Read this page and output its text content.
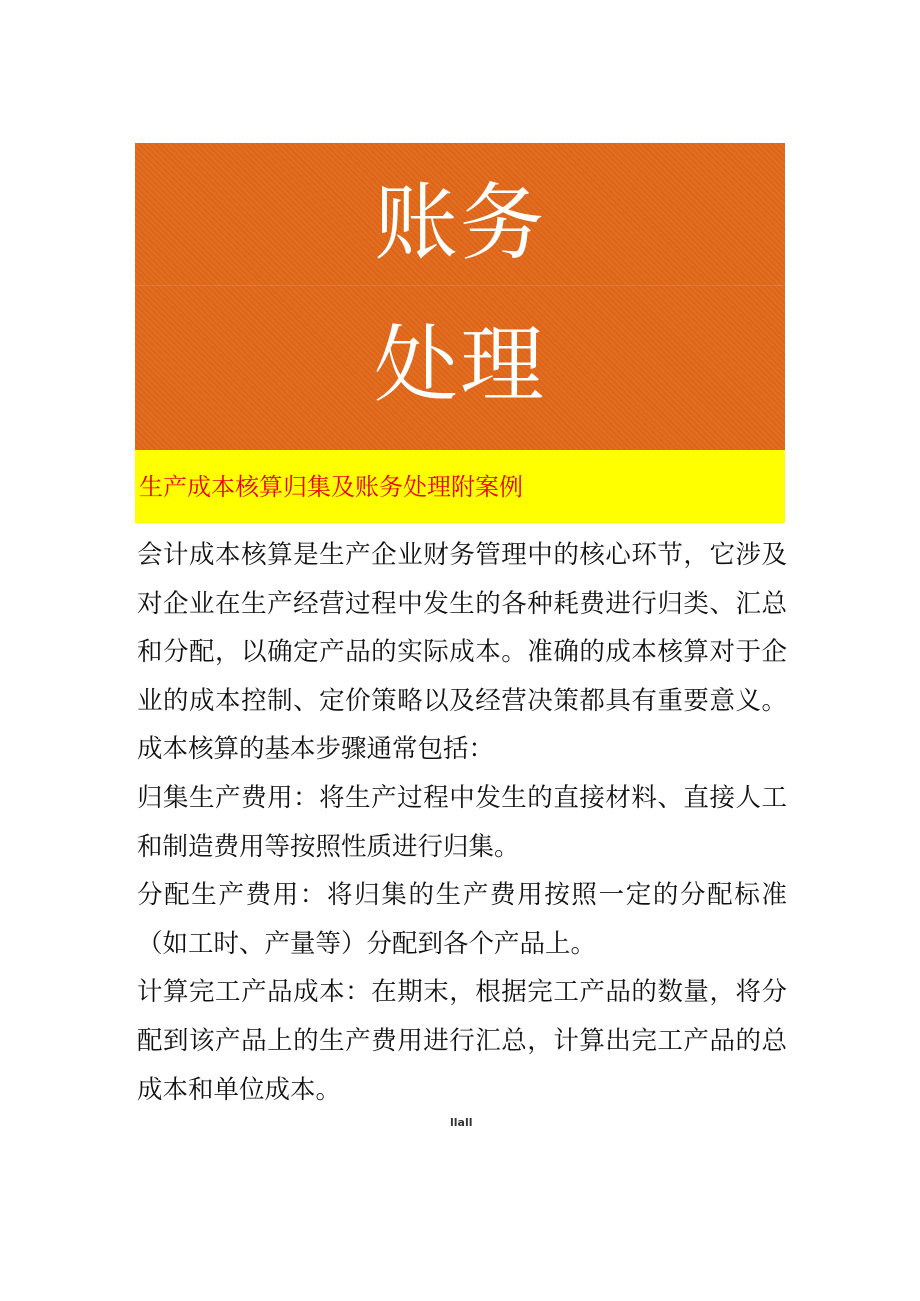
账务
处理
生产成本核算归集及账务处理附案例

会计成本核算是生产企业财务管理中的核心环节，它涉及对企业在生产经营过程中发生的各种耗费进行归类、汇总和分配，以确定产品的实际成本。准确的成本核算对于企业的成本控制、定价策略以及经营决策都具有重要意义。成本核算的基本步骤通常包括：

归集生产费用：将生产过程中发生的直接材料、直接人工和制造费用等按照性质进行归集。

分配生产费用：将归集的生产费用按照一定的分配标准（如工时、产量等）分配到各个产品上。

计算完工产品成本：在期末，根据完工产品的数量，将分配到该产品上的生产费用进行汇总，计算出完工产品的总成本和单位成本。

llall
